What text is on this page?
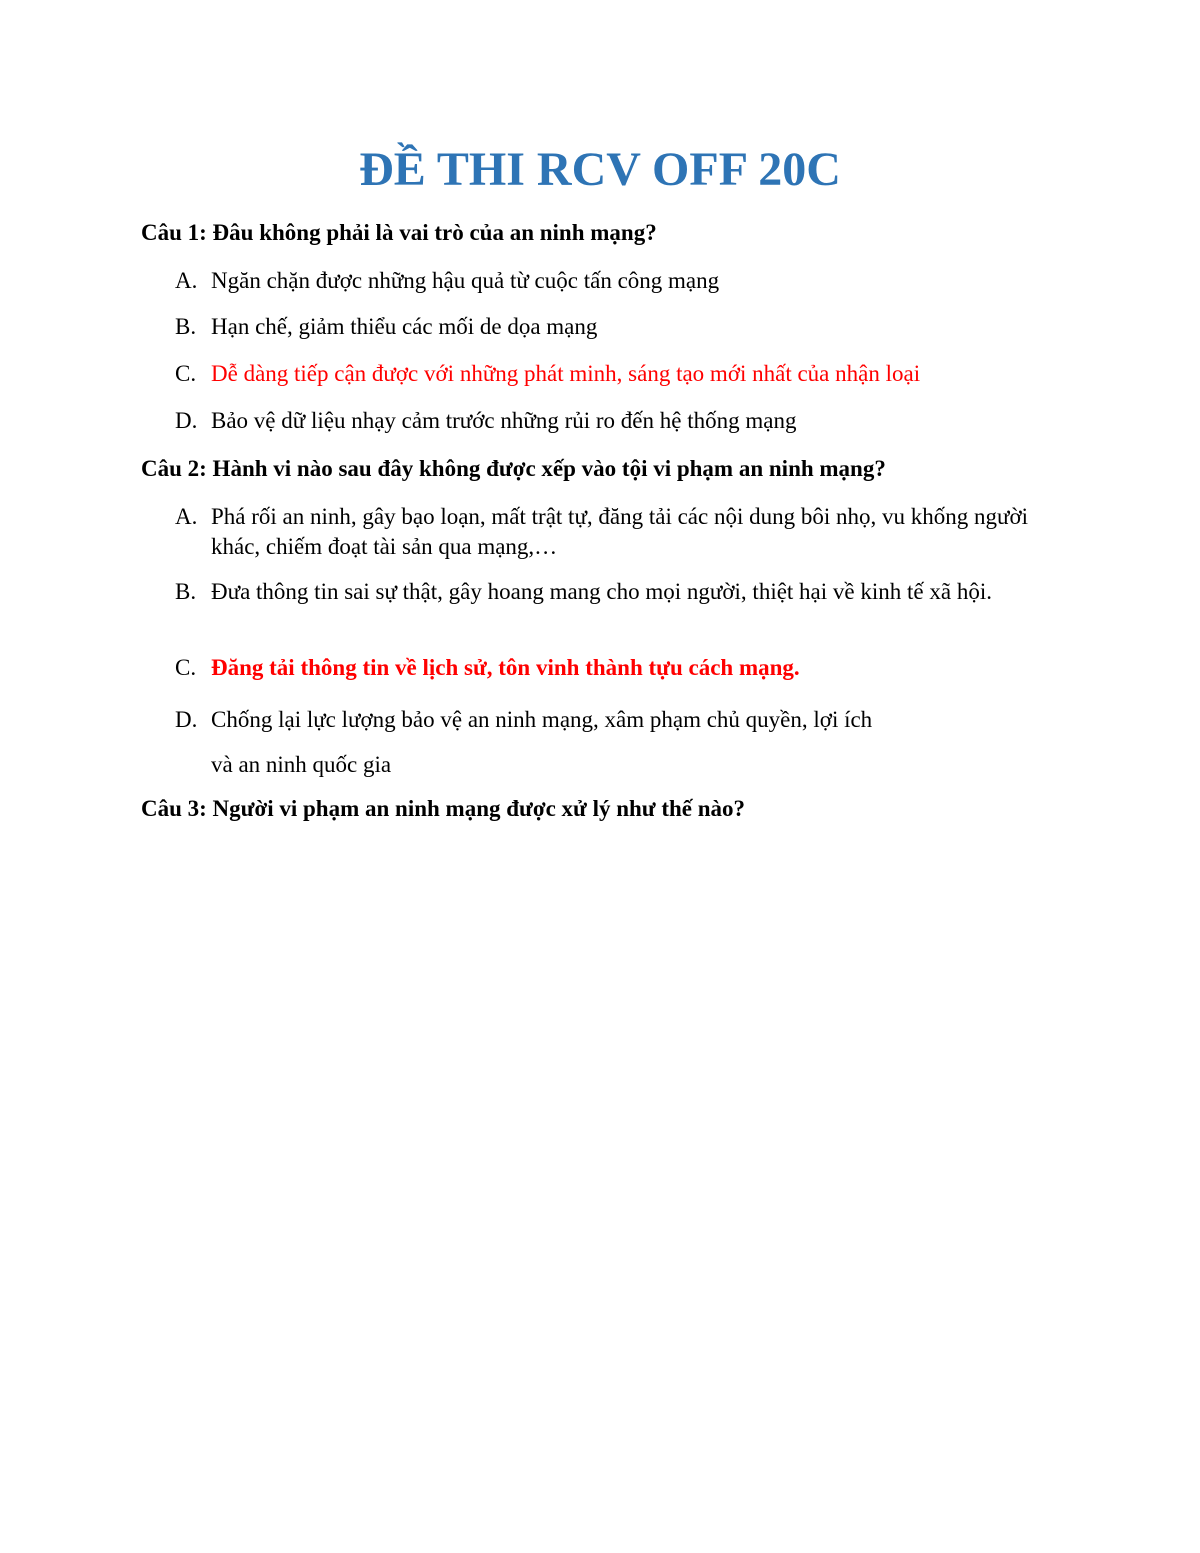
ĐỀ THI RCV OFF 20C

Câu 1: Đâu không phải là vai trò của an ninh mạng?

A. Ngăn chặn được những hậu quả từ cuộc tấn công mạng
B. Hạn chế, giảm thiểu các mối de dọa mạng
C. Dễ dàng tiếp cận được với những phát minh, sáng tạo mới nhất của nhận loại
D. Bảo vệ dữ liệu nhạy cảm trước những rủi ro đến hệ thống mạng

Câu 2: Hành vi nào sau đây không được xếp vào tội vi phạm an ninh mạng?

A. Phá rối an ninh, gây bạo loạn, mất trật tự, đăng tải các nội dung bôi nhọ, vu khống người khác, chiếm đoạt tài sản qua mạng,…
B. Đưa thông tin sai sự thật, gây hoang mang cho mọi người, thiệt hại về kinh tế xã hội.
C. Đăng tải thông tin về lịch sử, tôn vinh thành tựu cách mạng.
D. Chống lại lực lượng bảo vệ an ninh mạng, xâm phạm chủ quyền, lợi ích

và an ninh quốc gia

Câu 3: Người vi phạm an ninh mạng được xử lý như thế nào?
